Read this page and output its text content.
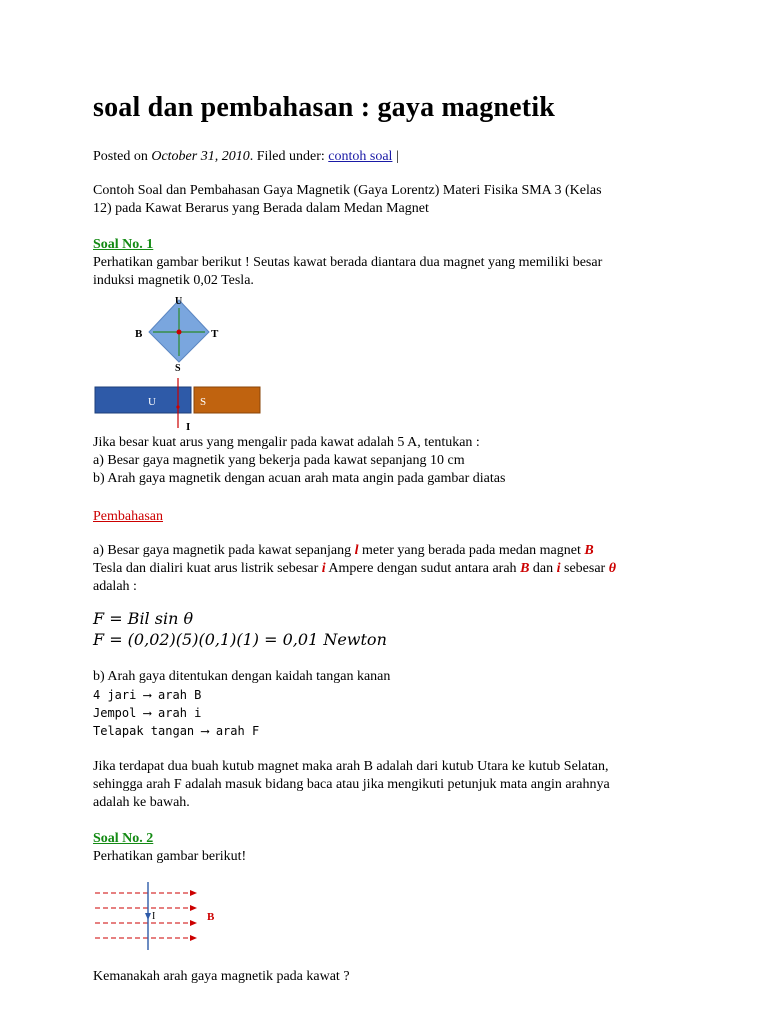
soal dan pembahasan : gaya magnetik
Posted on October 31, 2010. Filed under: contoh soal |
Contoh Soal dan Pembahasan Gaya Magnetik (Gaya Lorentz) Materi Fisika SMA 3 (Kelas
12) pada Kawat Berarus yang Berada dalam Medan Magnet
Soal No. 1
Perhatikan gambar berikut ! Seutas kawat berada diantara dua magnet yang memiliki besar
induksi magnetik 0,02 Tesla.
U
B	T
S
U	S
I
Jika besar kuat arus yang mengalir pada kawat adalah 5 A, tentukan :
a) Besar gaya magnetik yang bekerja pada kawat sepanjang 10 cm
b) Arah gaya magnetik dengan acuan arah mata angin pada gambar diatas
Pembahasan
a) Besar gaya magnetik pada kawat sepanjang l meter yang berada pada medan magnet B
Tesla dan dialiri kuat arus listrik sebesar i Ampere dengan sudut antara arah B dan i sebesar θ
adalah :
F = Bil sin θ
F = (0,02)(5)(0,1)(1) = 0,01 Newton
b) Arah gaya ditentukan dengan kaidah tangan kanan
4 jari ⟶ arah B
Jempol ⟶ arah i
Telapak tangan ⟶ arah F
Jika terdapat dua buah kutub magnet maka arah B adalah dari kutub Utara ke kutub Selatan,
sehingga arah F adalah masuk bidang baca atau jika mengikuti petunjuk mata angin arahnya
adalah ke bawah.
Soal No. 2
Perhatikan gambar berikut!
I	B
Kemanakah arah gaya magnetik pada kawat ?
